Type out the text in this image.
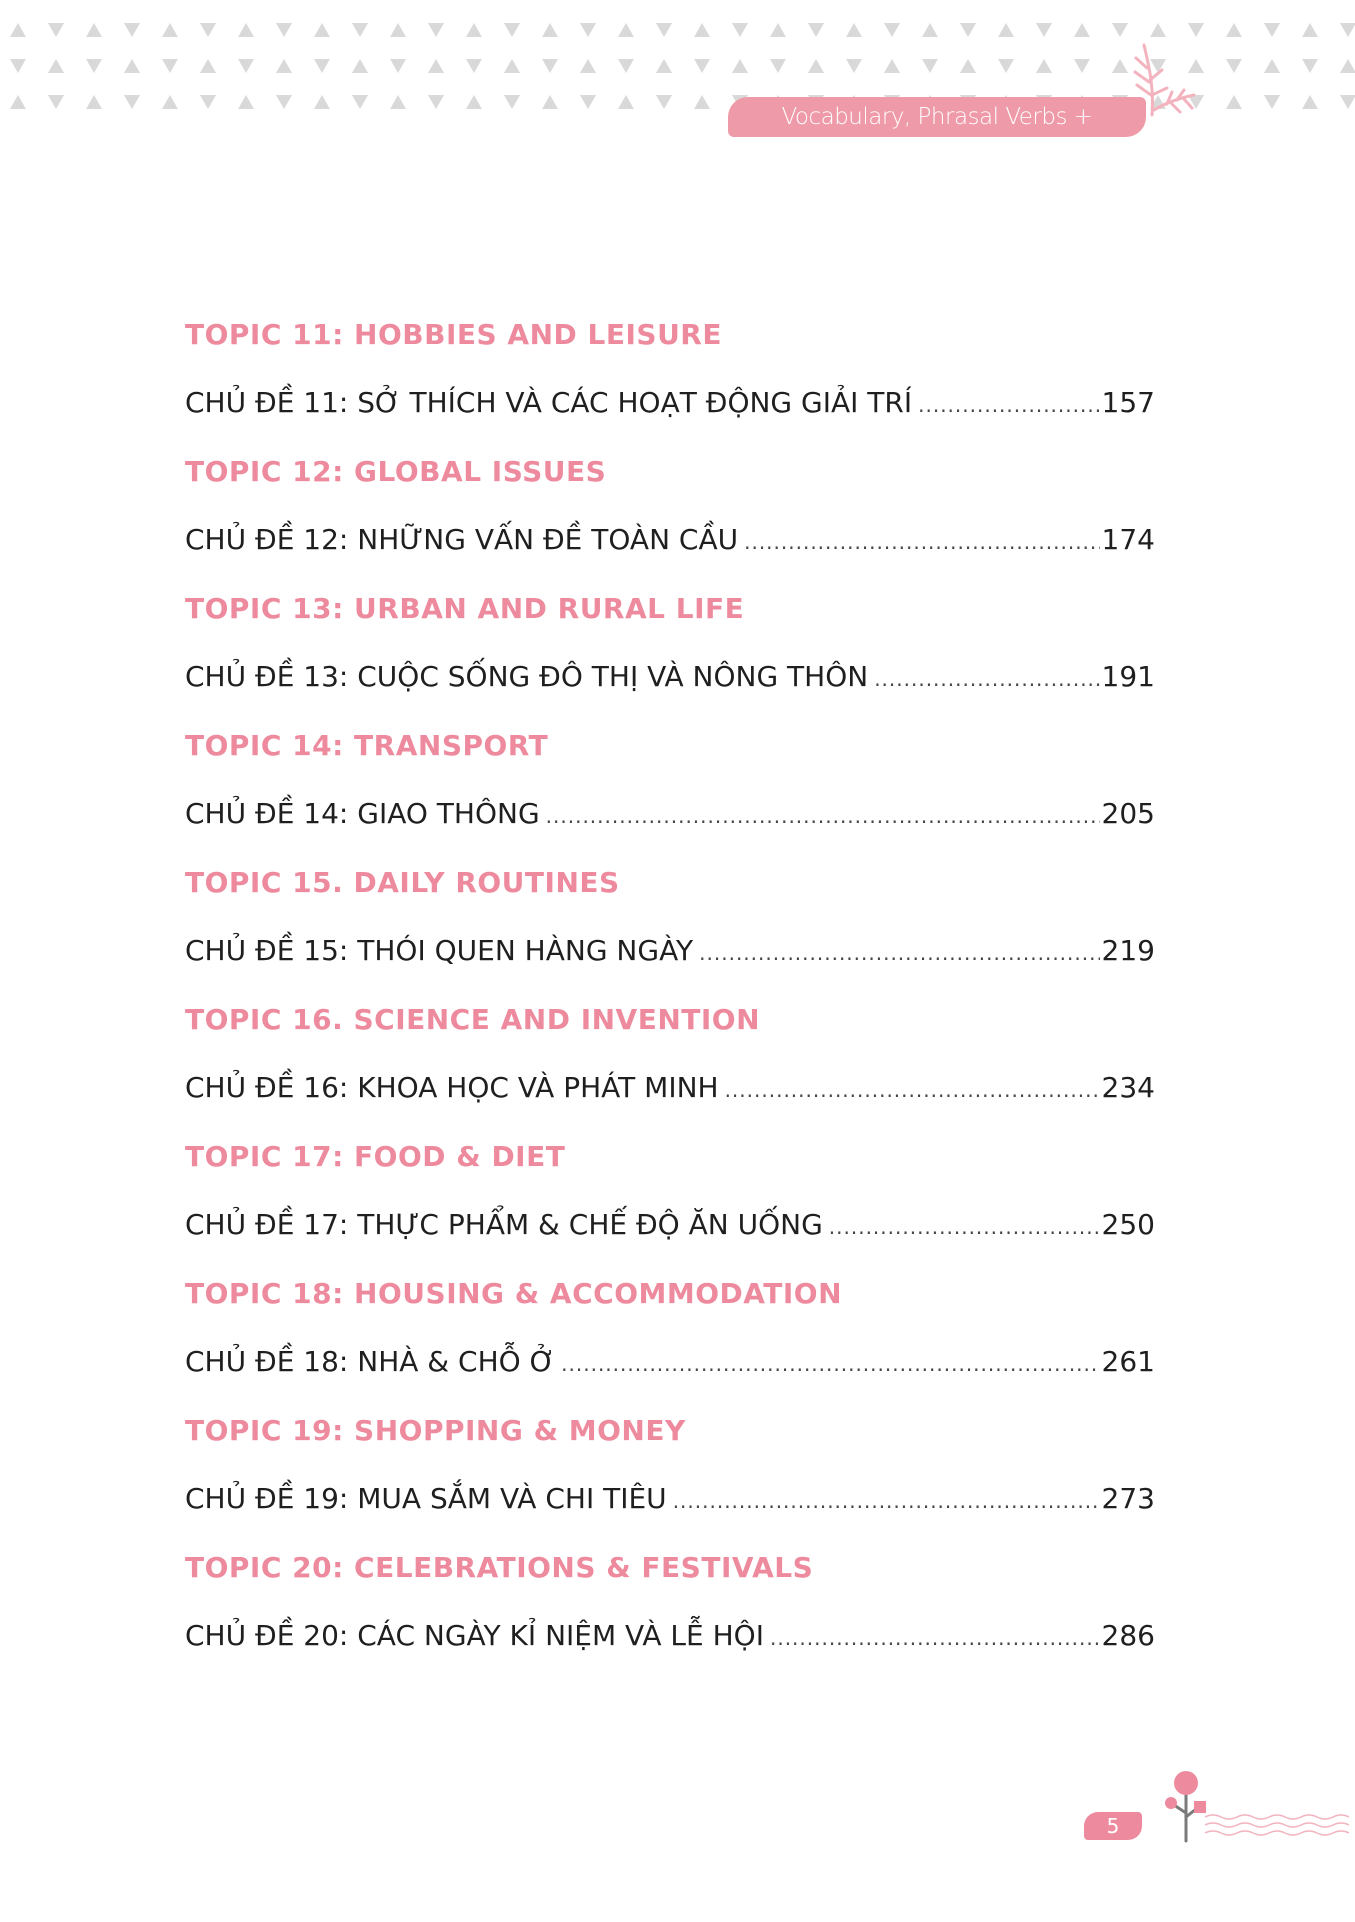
Vocabulary, Phrasal Verbs + Collocations
TOPIC 11: HOBBIES AND LEISURE
CHỦ ĐỀ 11: SỞ THÍCH VÀ CÁC HOẠT ĐỘNG GIẢI TRÍ .....	157
TOPIC 12: GLOBAL ISSUES
CHỦ ĐỀ 12: NHỮNG VẤN ĐỀ TOÀN CẦU .....	174
TOPIC 13: URBAN AND RURAL LIFE
CHỦ ĐỀ 13: CUỘC SỐNG ĐÔ THỊ VÀ NÔNG THÔN .....	191
TOPIC 14: TRANSPORT
CHỦ ĐỀ 14: GIAO THÔNG .....	205
TOPIC 15. DAILY ROUTINES
CHỦ ĐỀ 15: THÓI QUEN HÀNG NGÀY .....	219
TOPIC 16. SCIENCE AND INVENTION
CHỦ ĐỀ 16: KHOA HỌC VÀ PHÁT MINH .....	234
TOPIC 17: FOOD & DIET
CHỦ ĐỀ 17: THỰC PHẨM & CHẾ ĐỘ ĂN UỐNG .....	250
TOPIC 18: HOUSING & ACCOMMODATION
CHỦ ĐỀ 18: NHÀ & CHỖ Ở .....	261
TOPIC 19: SHOPPING & MONEY
CHỦ ĐỀ 19: MUA SẮM VÀ CHI TIÊU .....	273
TOPIC 20: CELEBRATIONS & FESTIVALS
CHỦ ĐỀ 20: CÁC NGÀY KỈ NIỆM VÀ LỄ HỘI .....	286
5
